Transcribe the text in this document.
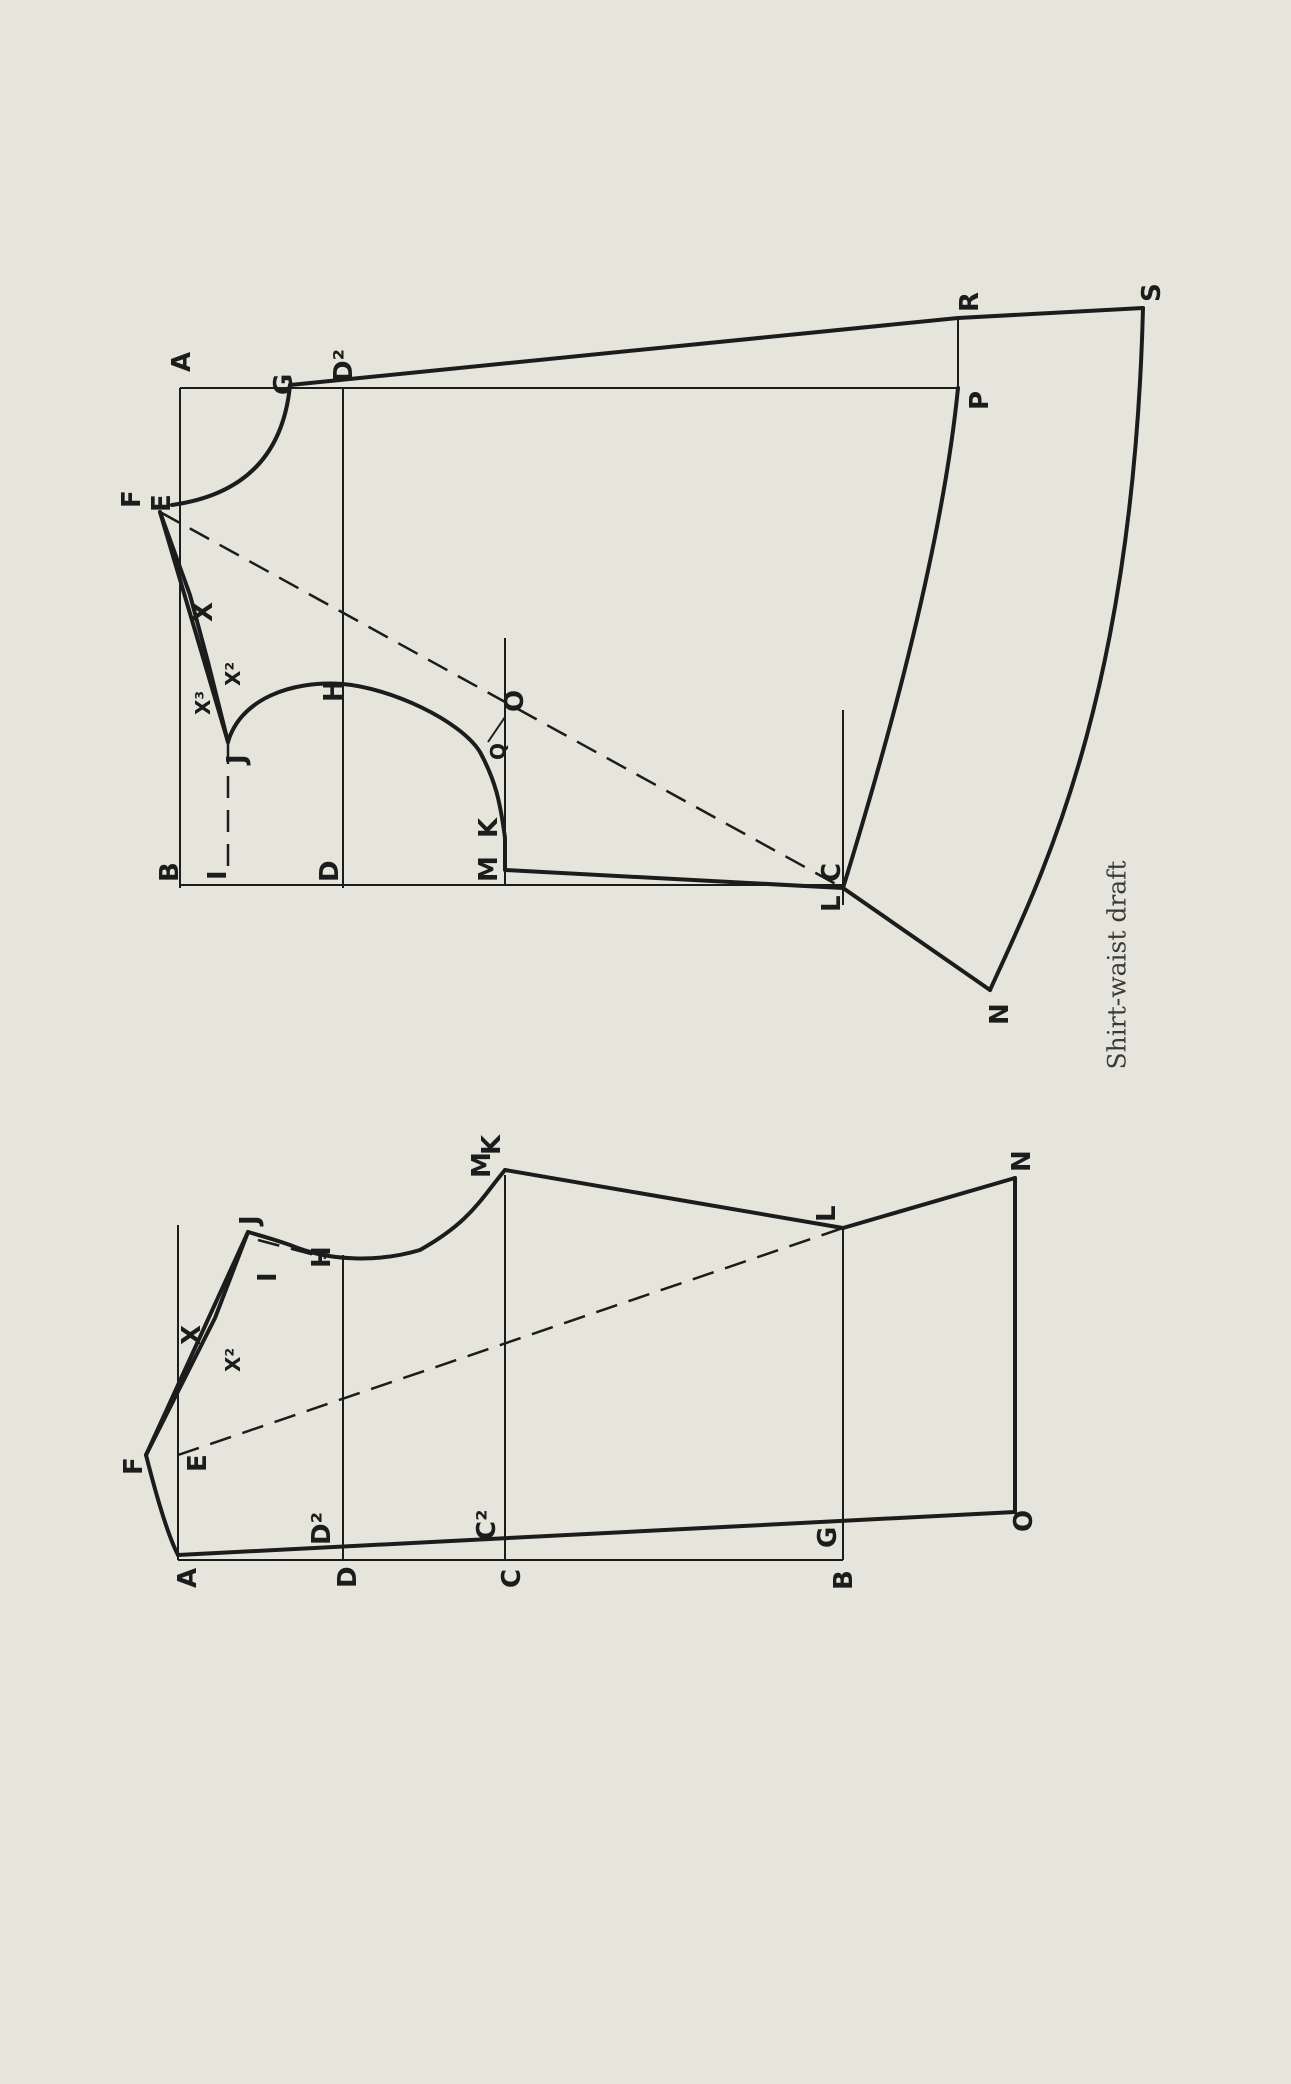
A
G
D²
F E
X
X²
X³	H
J	Q
O
B I	D
K
M	C
L
P
R	S
N
A	D	C	B
D²	C²	G
O
F E
X
X²
I
J
H
M
K
L
N
Shirt-waist draft
